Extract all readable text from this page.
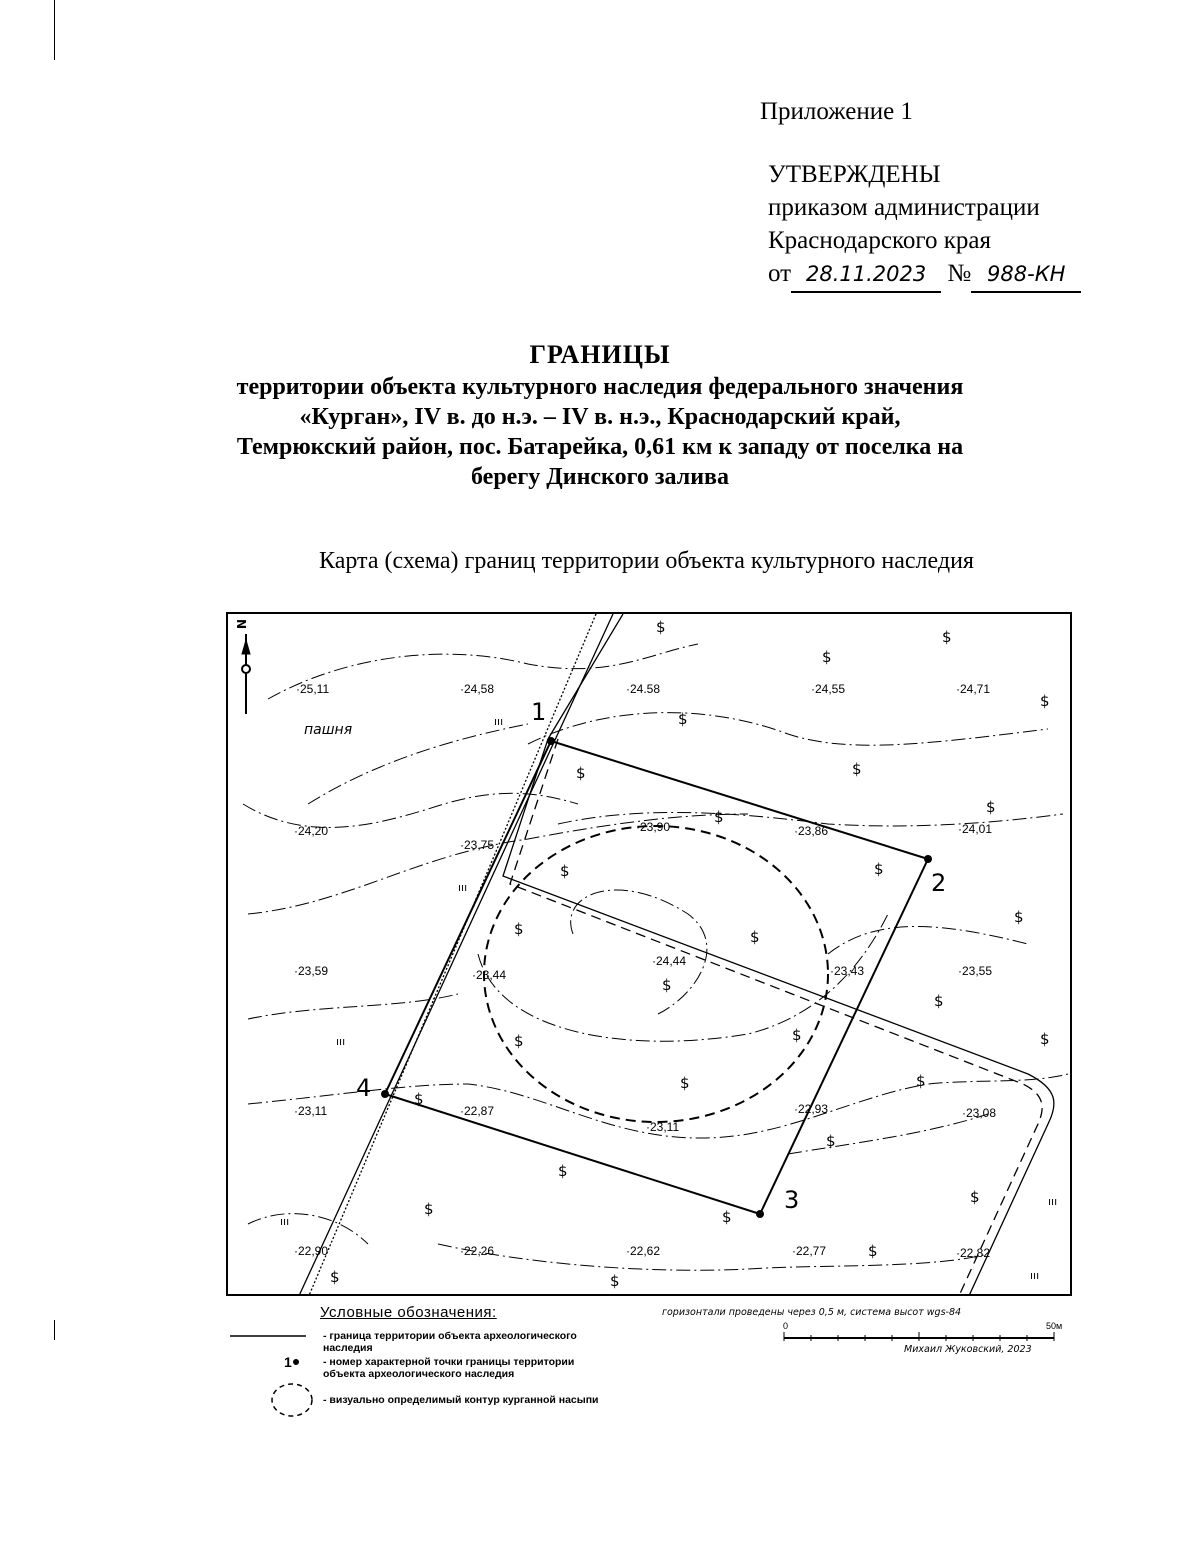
Приложение 1
УТВЕРЖДЕНЫ
приказом администрации
Краснодарского края
от 28.11.2023 № 988-КН
ГРАНИЦЫ
территории объекта культурного наследия федерального значения
«Курган», IV в. до н.э. – IV в. н.э., Краснодарский край,
Темрюкский район, пос. Батарейка, 0,61 км к западу от поселка на
берегу Динского залива
Карта (схема) границ территории объекта культурного наследия
пашня
1
2
3
4
·25,11	·24,58	·24.58	·24,55	·24,71
·24,20
·23,75
·23,90	·23,86	·24,01
·23,59	·23,44
·24,44
·23,43	·23,55
·23,11	·22,87
·23,11
·22,93	·23,08
·22,90	·22,26	·22,62	·22,77	·22,82
$
$
$
$
$
$	$
$
$
$	$
$
$	$
$
$
$	$	$
$	$
$
$
$
$
$	$
$
$	$
ııı
ııı
ııı
ııı
ııı
ııı
N
Условные обозначения:
1
- граница территории объекта археологического
наследия
- номер характерной точки границы территории
объекта археологического наследия
- визуально определимый контур курганной насыпи
горизонтали проведены через 0,5 м, система высот wgs-84
0	50м
Михаил Жуковский, 2023
